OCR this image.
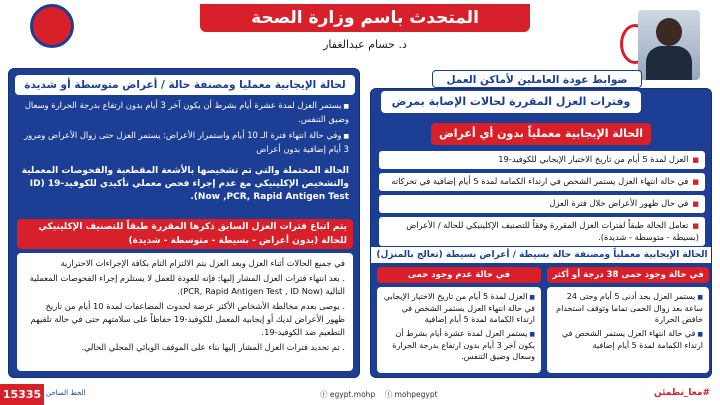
المتحدث باسم وزارة الصحة
د. حسام عبدالغفار
لحالة الإيجابية معمليا ومصنفة حالة / أعراض متوسطة أو شديدة
■ يستمر العزل لمدة عشرة أيام بشرط أن يكون آخر 3 أيام بدون ارتفاع بدرجة الحرارة وسعال وضيق التنفس.
■ وفي حالة انتهاء فترة الـ 10 أيام واستمرار الأعراض: يستمر العزل حتى زوال الأعراض ومرور 3 أيام إضافية بدون أعراض
الحالة المحتملة والتي تم تشخيصها بالأشعة المقطعية والفحوصات المعملية والتشخيص الإكلينيكي مع عدم إجراء فحص معملي تأكيدي للكوفيد-19 (ID Now ,PCR, Rapid Antigen Test).
يتم اتباع فترات العزل السابق ذكرها المقررة طبقاً للتصنيف الإكلينيكي للحالة (بدون أعراض - بسيطة - متوسطة - شديدة)

في جميع الحالات أثناء العزل وبعد العزل يتم الالتزام التام بكافة الإجراءات الاحترازية

. بعد انتهاء فترات العزل المشار إليها: فإنه للعودة للعمل لا يستلزم إجراء الفحوصات المعملية التالية (PCR, Rapid Antigen Test , ID Now).

. يوصى بعدم مخالطة الأشخاص الأكثر عرضة لحدوث المضاعفات لمدة 10 أيام من تاريخ ظهور الأعراض لديك أو إيجابية المعمل للكوفيد-19 حفاظاً على سلامتهم حتى في حالة تلقيهم التطعيم ضد الكوفيد-19.

. تم تحديد فترات العزل المشار إليها بناء على الموقف الوبائي المحلي الحالي.

ضوابط عودة العاملين لأماكن العمل
وفترات العزل المقررة لحالات الإصابة بمرض
الحالة الإيجابية معملياً بدون أي أعراض
■العزل لمدة 5 أيام من تاريخ الاختبار الإيجابي للكوفيد-19
■في حالة انتهاء العزل يستمر الشخص في ارتداء الكمامة لمدة 5 أيام إضافية في تحركاته
■في حال ظهور الأعراض خلال فترة العزل
■تعامل الحالة طبقاً لفترات العزل المقررة وفقاً للتصنيف الإكلينيكي للحالة / الأعراض (بسيطة - متوسطة - شديدة).
الحالة الإيجابية معملياً ومصنفة حالة بسيطة / أعراض بسيطة (تعالج بالمنزل)
في حالة وجود حمى 38 درجة أو أكثر
في حالة عدم وجود حمى

■ يستمر العزل بحد أدنى 5 أيام وحتى 24 ساعة بعد زوال الحمى تماما وتوقف استخدام خافض الحرارة

■ في حالة انتهاء العزل يستمر الشخص في ارتداء الكمامة لمدة 5 أيام إضافية

■ العزل لمدة 5 أيام من تاريخ الاختبار الإيجابي في حالة انتهاء العزل يستمر الشخص في ارتداء الكمامة لمدة 5 أيام إضافية

■ يستمر العزل لمدة عشرة أيام بشرط أن يكون آخر 3 أيام بدون ارتفاع بدرجة الحرارة وسعال وضيق التنفس.

15335 الخط الساخن	ⓕ egypt.mohp ⓣ mohpegypt	#معا_نطمئن
